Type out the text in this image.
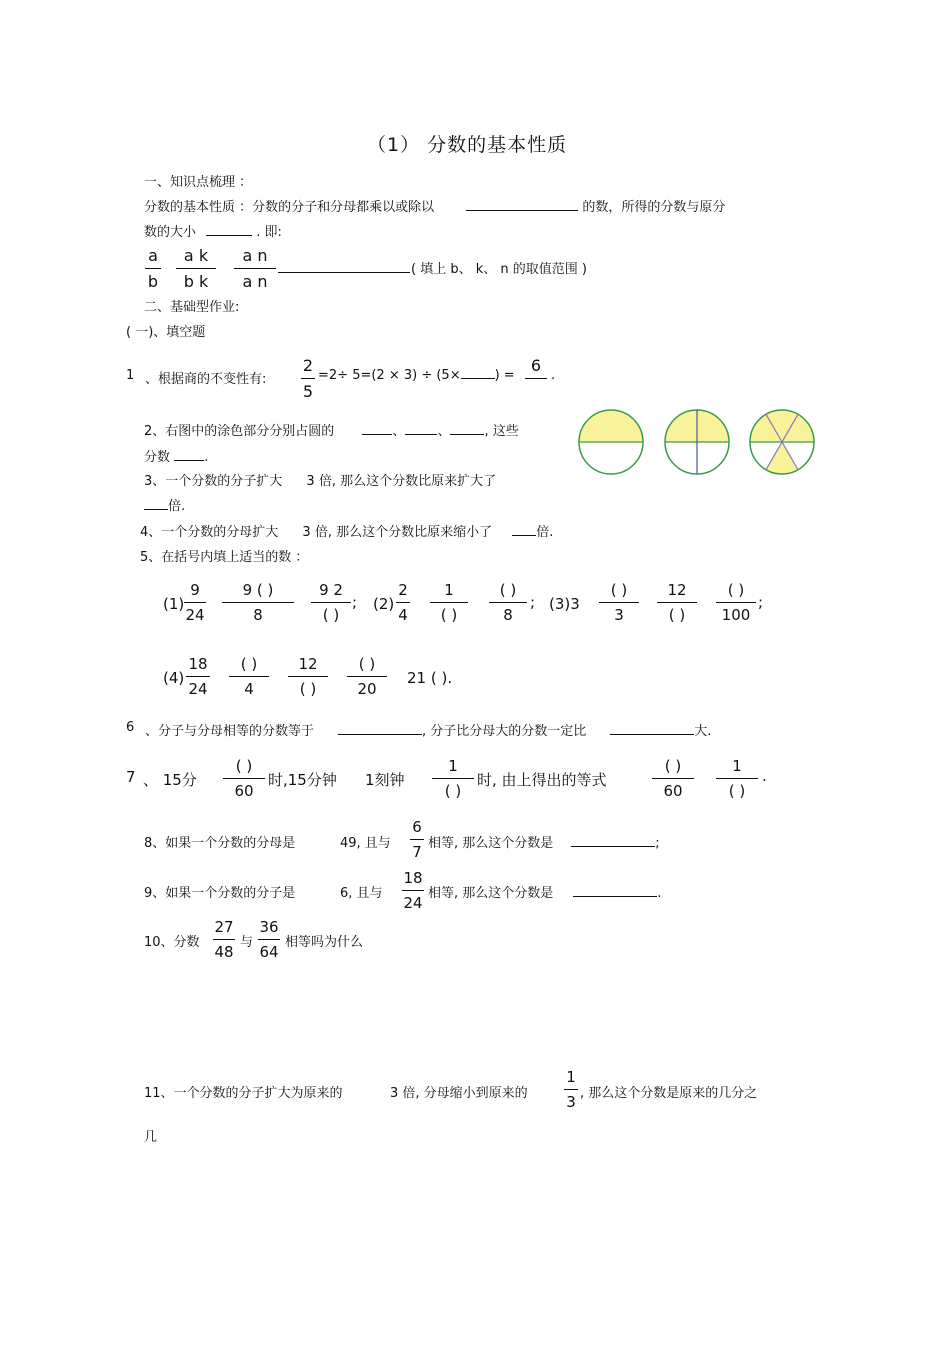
（1） 分数的基本性质
一、知识点梳理 ：
分数的基本性质 ：分数的分子和分母都乘以或除以	的数，所得的分数与原分
数的大小	. 即:
$\frac{a}{b} \frac{\text{a k}}{\text{b k}} \frac{\text{a n}}{\text{a n}}$	( 填上 b、 k、 n 的取值范围 )
二、基础型作业:
( 一)、填空题
1 、根据商的不变性有: $\frac{2}{5} =2\div 5=(2 \times 3) \div (5\times$	) =
6
.
2、右图中的涂色部分分别占圆的	、 、	, 这些
分数	.
3、一个分数的分子扩大 3 倍, 那么这个分数比原来扩大了
倍.
4、一个分数的分母扩大 3 倍, 那么这个分数比原来缩小了	倍.
5、在括号内填上适当的数 ：
$(1) \frac{9}{24} \frac{9 ( )}{8}$	9 2
( )
; $(2) \frac{2}{4}$	1
( )
( )
8
; (3)3
( )
3
12
( )
( )
100
;
$(4) \frac{18}{24}$	( )
4
12
( )
( )
20
21 ( ).
6 、分子与分母相等的分数等于	, 分子比分母大的分数一定比	大.
7 、 15分
( )
60
时,15分钟 1刻钟
1
( )
时, 由上得出的等式
( )
60
1
( )
.
8、如果一个分数的分母是	49, 且与 $\frac{6}{7}$ 相等, 那么这个分数是	;
9、如果一个分数的分子是	6, 且与 $\frac{18}{24}$ 相等, 那么这个分数是	.
10、分数 $\frac{27}{48}$ 与 $\frac{36}{64}$ 相等吗为什么
11、一个分数的分子扩大为原来的	3 倍, 分母缩小到原来的 $\frac{1}{3}$ , 那么这个分数是原来的几分之
几
